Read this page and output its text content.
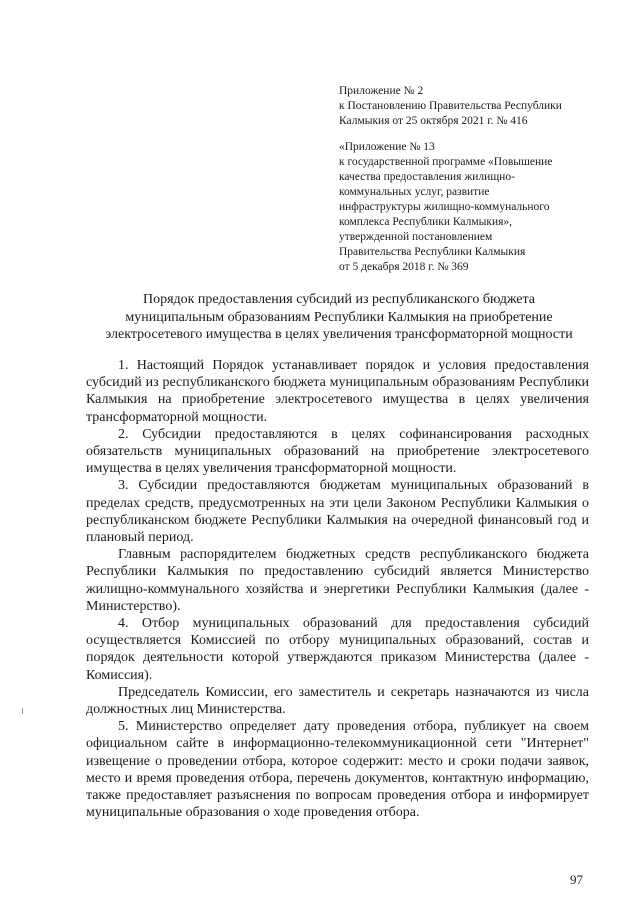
Приложение № 2
к Постановлению Правительства Республики
Калмыкия от 25 октября 2021 г. № 416
«Приложение № 13
к государственной программе «Повышение
качества предоставления жилищно-
коммунальных услуг, развитие
инфраструктуры жилищно-коммунального
комплекса Республики Калмыкия»,
утвержденной постановлением
Правительства Республики Калмыкия
от 5 декабря 2018 г. № 369
Порядок предоставления субсидий из республиканского бюджета
муниципальным образованиям Республики Калмыкия на приобретение
электросетевого имущества в целях увеличения трансформаторной мощности

1. Настоящий Порядок устанавливает порядок и условия предоставления субсидий из республиканского бюджета муниципальным образованиям Республики Калмыкия на приобретение электросетевого имущества в целях увеличения трансформаторной мощности.

2. Субсидии предоставляются в целях софинансирования расходных обязательств муниципальных образований на приобретение электросетевого имущества в целях увеличения трансформаторной мощности.

3. Субсидии предоставляются бюджетам муниципальных образований в пределах средств, предусмотренных на эти цели Законом Республики Калмыкия о республиканском бюджете Республики Калмыкия на очередной финансовый год и плановый период.

Главным распорядителем бюджетных средств республиканского бюджета Республики Калмыкия по предоставлению субсидий является Министерство жилищно-коммунального хозяйства и энергетики Республики Калмыкия (далее - Министерство).

4. Отбор муниципальных образований для предоставления субсидий осуществляется Комиссией по отбору муниципальных образований, состав и порядок деятельности которой утверждаются приказом Министерства (далее - Комиссия).

Председатель Комиссии, его заместитель и секретарь назначаются из числа должностных лиц Министерства.

5. Министерство определяет дату проведения отбора, публикует на своем официальном сайте в информационно-телекоммуникационной сети "Интернет" извещение о проведении отбора, которое содержит: место и сроки подачи заявок, место и время проведения отбора, перечень документов, контактную информацию, также предоставляет разъяснения по вопросам проведения отбора и информирует муниципальные образования о ходе проведения отбора.

97
